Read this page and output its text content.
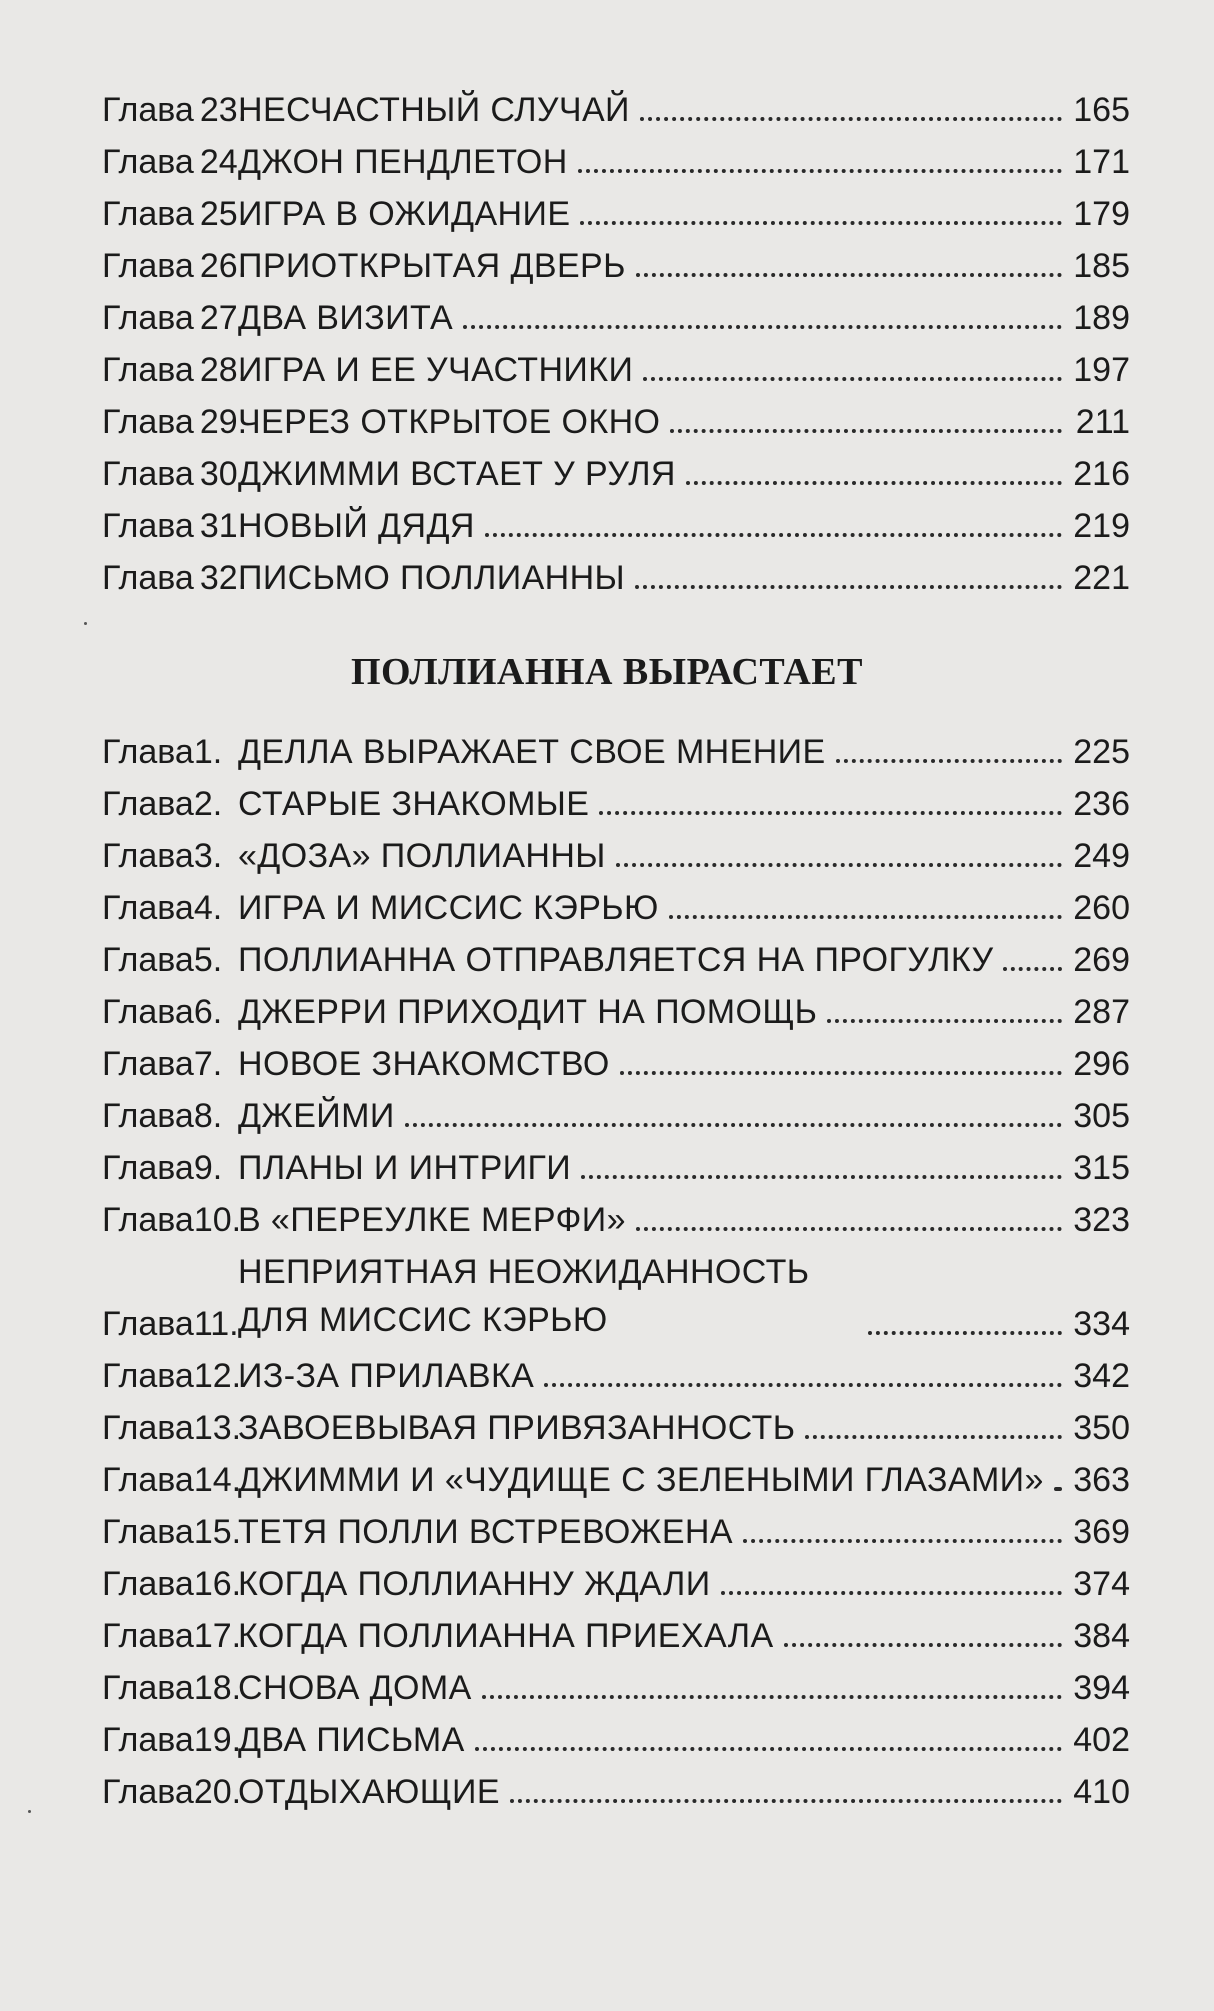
Глава 23.
НЕСЧАСТНЫЙ СЛУЧАЙ	165
Глава 24.
ДЖОН ПЕНДЛЕТОН	171
Глава 25.
ИГРА В ОЖИДАНИЕ	179
Глава 26.
ПРИОТКРЫТАЯ ДВЕРЬ	185
Глава 27.
ДВА ВИЗИТА	189
Глава 28.
ИГРА И ЕЕ УЧАСТНИКИ	197
Глава 29.
ЧЕРЕЗ ОТКРЫТОЕ ОКНО	211
Глава 30.
ДЖИММИ ВСТАЕТ У РУЛЯ	216
Глава 31.
НОВЫЙ ДЯДЯ	219
Глава 32.
ПИСЬМО ПОЛЛИАННЫ	221
ПОЛЛИАННА ВЫРАСТАЕТ
Глава1. ДЕЛЛА ВЫРАЖАЕТ СВОЕ МНЕНИЕ	225
Глава2. СТАРЫЕ ЗНАКОМЫЕ	236
Глава3. «ДОЗА» ПОЛЛИАННЫ	249
Глава4. ИГРА И МИССИС КЭРЬЮ	260
Глава5. ПОЛЛИАННА ОТПРАВЛЯЕТСЯ НА ПРОГУЛКУ 269
Глава6. ДЖЕРРИ ПРИХОДИТ НА ПОМОЩЬ	287
Глава7. НОВОЕ ЗНАКОМСТВО	296
Глава8. ДЖЕЙМИ	305
Глава9. ПЛАНЫ И ИНТРИГИ	315
Глава10.
В «ПЕРЕУЛКЕ МЕРФИ»	323
Глава11.
НЕПРИЯТНАЯ НЕОЖИДАННОСТЬ ДЛЯ МИССИС КЭРЬЮ	334
Глава12.
ИЗ-ЗА ПРИЛАВКА	342
Глава13.
ЗАВОЕВЫВАЯ ПРИВЯЗАННОСТЬ	350
Глава14.
ДЖИММИ И «ЧУДИЩЕ С ЗЕЛЕНЫМИ ГЛАЗАМИ» 363
Глава15.
ТЕТЯ ПОЛЛИ ВСТРЕВОЖЕНА	369
Глава16.
КОГДА ПОЛЛИАННУ ЖДАЛИ	374
Глава17.
КОГДА ПОЛЛИАННА ПРИЕХАЛА	384
Глава18.
СНОВА ДОМА	394
Глава19.
ДВА ПИСЬМА	402
Глава20.
ОТДЫХАЮЩИЕ	410
